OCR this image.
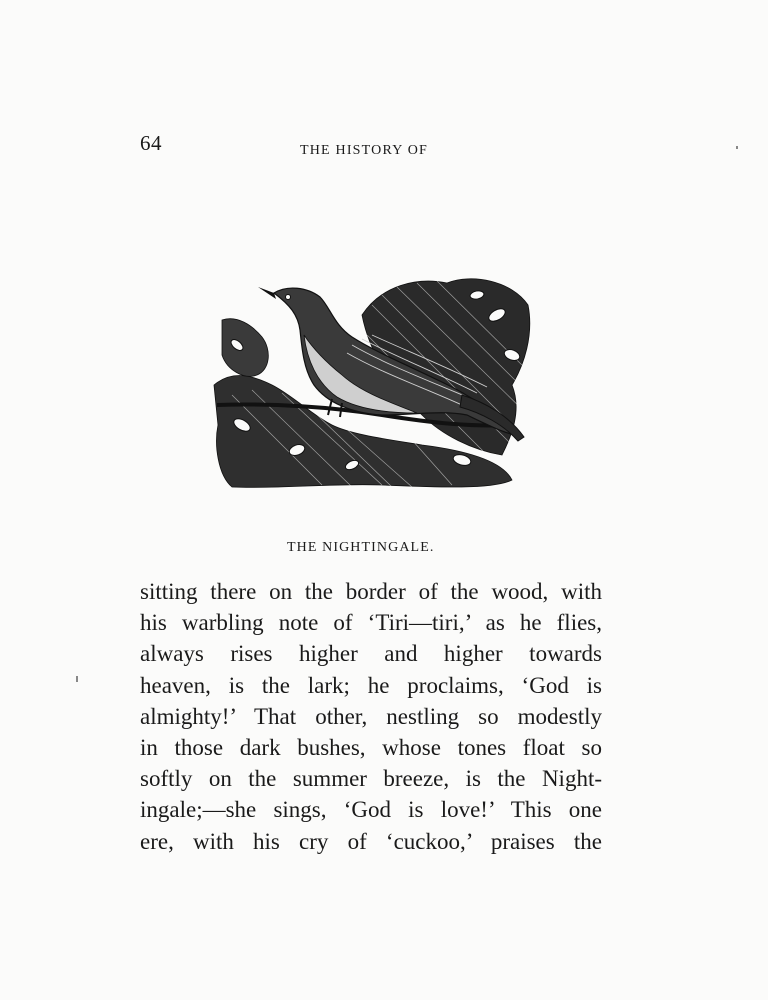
64	THE HISTORY OF
THE NIGHTINGALE.
sitting there on the border of the wood, with
his warbling note of ‘Tiri—tiri,’ as he flies,
always rises higher and higher towards
heaven, is the lark; he proclaims, ‘God is
almighty!’ That other, nestling so modestly
in those dark bushes, whose tones float so
softly on the summer breeze, is the Night-
ingale;—she sings, ‘God is love!’ This one
ere, with his cry of ‘cuckoo,’ praises the
